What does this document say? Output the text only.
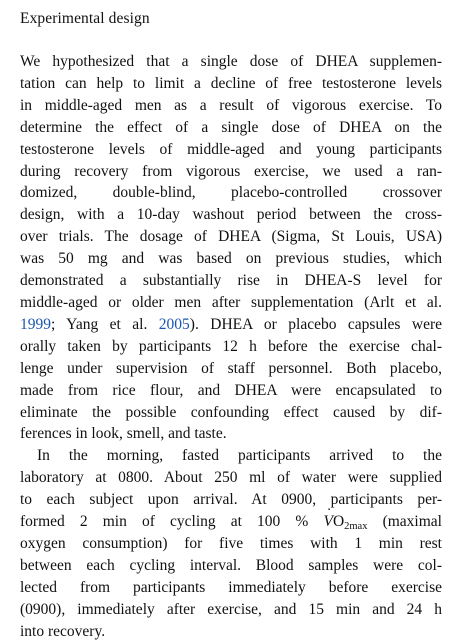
Experimental design
We hypothesized that a single dose of DHEA supplemen-
tation can help to limit a decline of free testosterone levels
in middle-aged men as a result of vigorous exercise. To
determine the effect of a single dose of DHEA on the
testosterone levels of middle-aged and young participants
during recovery from vigorous exercise, we used a ran-
domized, double-blind, placebo-controlled crossover
design, with a 10-day washout period between the cross-
over trials. The dosage of DHEA (Sigma, St Louis, USA)
was 50 mg and was based on previous studies, which
demonstrated a substantially rise in DHEA-S level for
middle-aged or older men after supplementation (Arlt et al.
1999; Yang et al. 2005). DHEA or placebo capsules were
orally taken by participants 12 h before the exercise chal-
lenge under supervision of staff personnel. Both placebo,
made from rice flour, and DHEA were encapsulated to
eliminate the possible confounding effect caused by dif-
ferences in look, smell, and taste.
In the morning, fasted participants arrived to the
laboratory at 0800. About 250 ml of water were supplied
to each subject upon arrival. At 0900, participants per-
formed 2 min of cycling at 100 % ˙ $VO_{2max}$ (maximal
oxygen consumption) for five times with 1 min rest
between each cycling interval. Blood samples were col-
lected from participants immediately before exercise
(0900), immediately after exercise, and 15 min and 24 h
into recovery.
